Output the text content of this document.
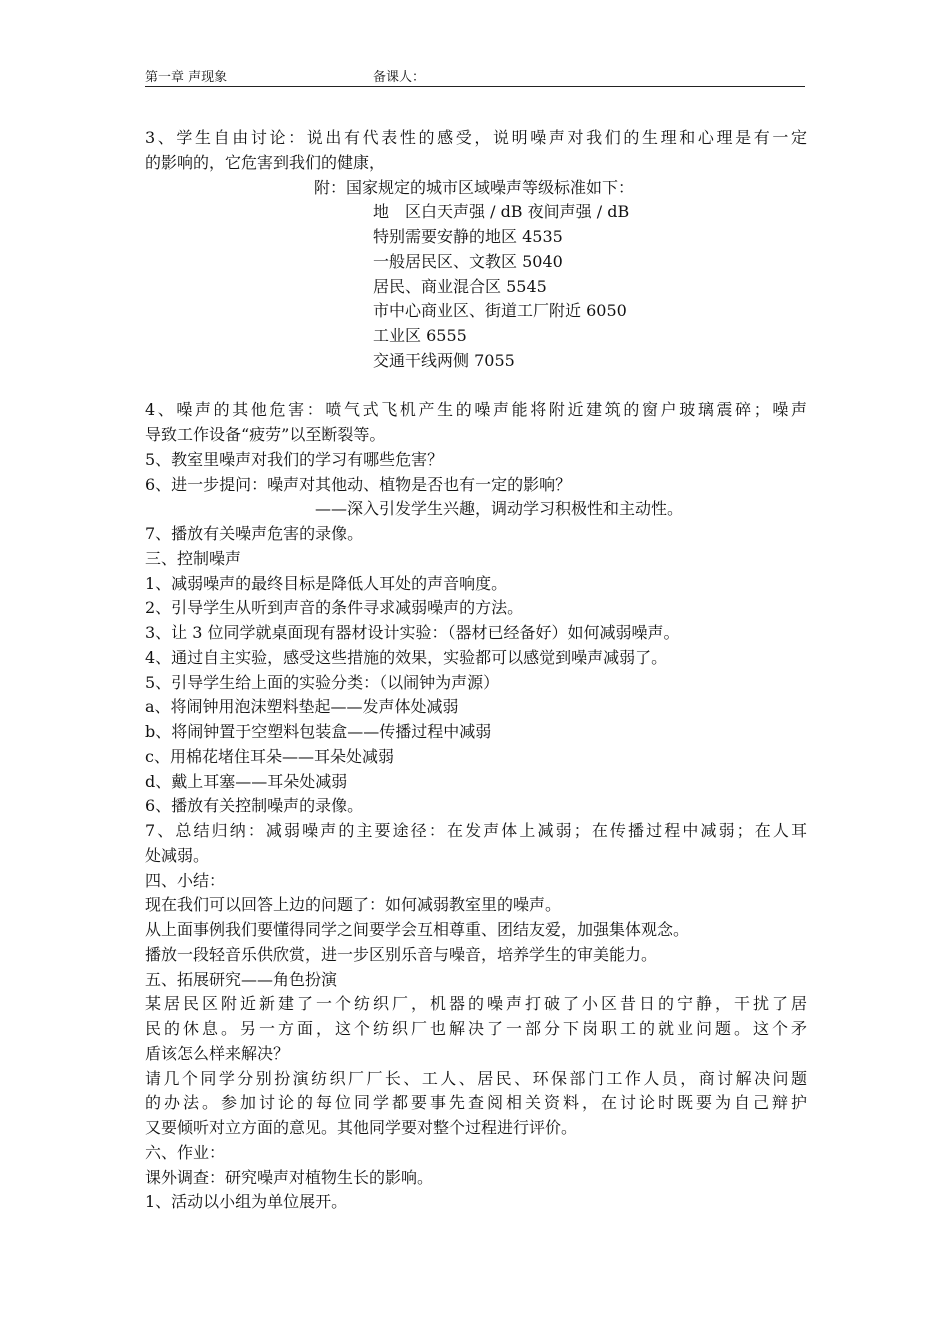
第一章 声现象	备课人：
3、学生自由讨论：说出有代表性的感受，说明噪声对我们的生理和心理是有一定
的影响的，它危害到我们的健康，
附：国家规定的城市区域噪声等级标准如下：
地　区白天声强 / dB 夜间声强 / dB
特别需要安静的地区 4535
一般居民区、文教区 5040
居民、商业混合区 5545
市中心商业区、街道工厂附近 6050
工业区 6555
交通干线两侧 7055
4、噪声的其他危害：喷气式飞机产生的噪声能将附近建筑的窗户玻璃震碎；噪声
导致工作设备“疲劳”以至断裂等。
5、教室里噪声对我们的学习有哪些危害？
6、进一步提问：噪声对其他动、植物是否也有一定的影响？
——深入引发学生兴趣，调动学习积极性和主动性。
7、播放有关噪声危害的录像。
三、控制噪声
1、减弱噪声的最终目标是降低人耳处的声音响度。
2、引导学生从听到声音的条件寻求减弱噪声的方法。
3、让 3 位同学就桌面现有器材设计实验：（器材已经备好）如何减弱噪声。
4、通过自主实验，感受这些措施的效果，实验都可以感觉到噪声减弱了。
5、引导学生给上面的实验分类：（以闹钟为声源）
a、将闹钟用泡沫塑料垫起——发声体处减弱
b、将闹钟置于空塑料包装盒——传播过程中减弱
c、用棉花堵住耳朵——耳朵处减弱
d、戴上耳塞——耳朵处减弱
6、播放有关控制噪声的录像。
7、总结归纳：减弱噪声的主要途径：在发声体上减弱；在传播过程中减弱；在人耳
处减弱。
四、小结：
现在我们可以回答上边的问题了：如何减弱教室里的噪声。
从上面事例我们要懂得同学之间要学会互相尊重、团结友爱，加强集体观念。
播放一段轻音乐供欣赏，进一步区别乐音与噪音，培养学生的审美能力。
五、拓展研究——角色扮演
某居民区附近新建了一个纺织厂，机器的噪声打破了小区昔日的宁静，干扰了居
民的休息。另一方面，这个纺织厂也解决了一部分下岗职工的就业问题。这个矛
盾该怎么样来解决？
请几个同学分别扮演纺织厂厂长、工人、居民、环保部门工作人员，商讨解决问题
的办法。参加讨论的每位同学都要事先查阅相关资料，在讨论时既要为自己辩护
又要倾听对立方面的意见。其他同学要对整个过程进行评价。
六、作业：
课外调查：研究噪声对植物生长的影响。
1、活动以小组为单位展开。
